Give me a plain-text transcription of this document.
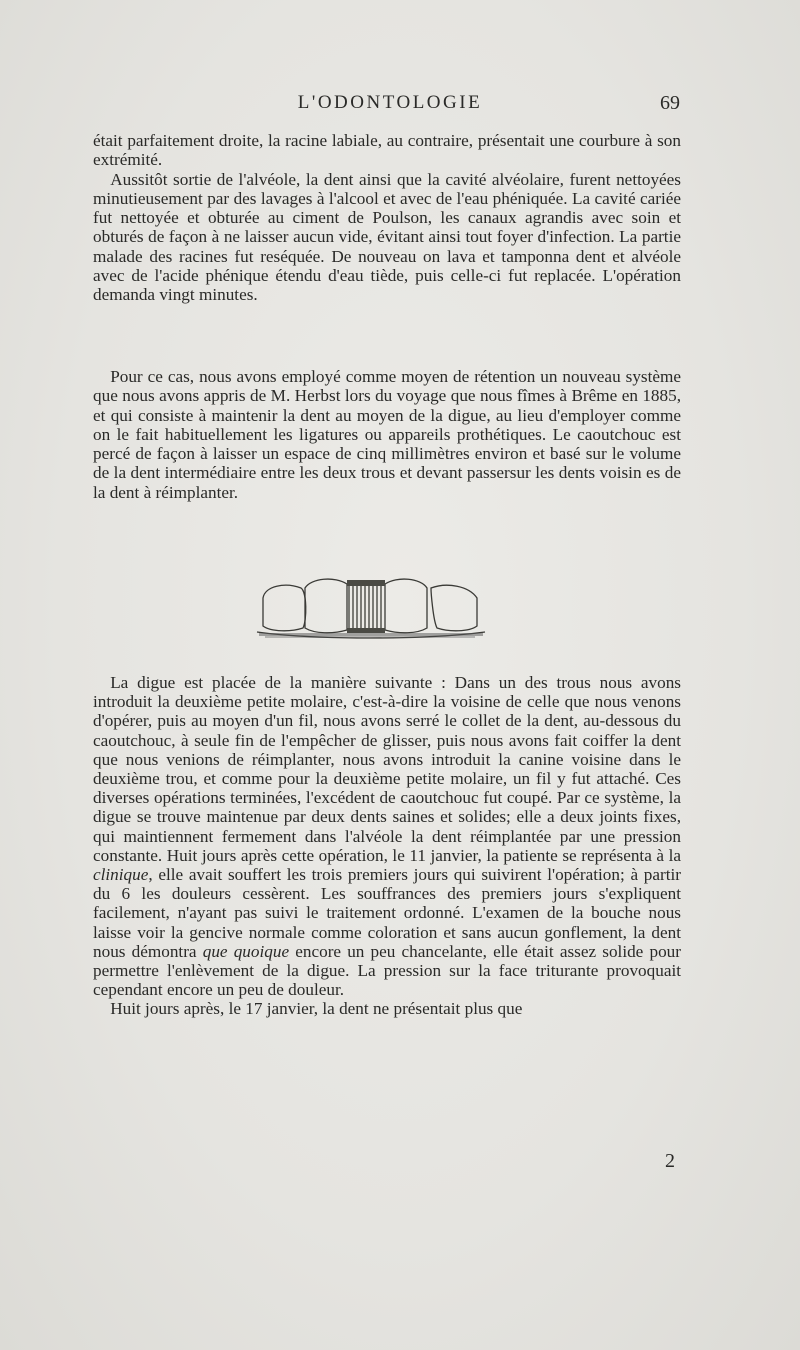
L'ODONTOLOGIE	69

était parfaitement droite, la racine labiale, au contraire, présentait une courbure à son extrémité.

 Aussitôt sortie de l'alvéole, la dent ainsi que la cavité alvéolaire, furent nettoyées minutieusement par des lavages à l'alcool et avec de l'eau phéniquée. La cavité cariée fut nettoyée et obturée au ciment de Poulson, les canaux agrandis avec soin et obturés de façon à ne laisser aucun vide, évitant ainsi tout foyer d'infection. La partie malade des racines fut reséquée. De nouveau on lava et tamponna dent et alvéole avec de l'acide phénique étendu d'eau tiède, puis celle-ci fut replacée. L'opération demanda vingt minutes.

 Pour ce cas, nous avons employé comme moyen de rétention un nouveau système que nous avons appris de M. Herbst lors du voyage que nous fîmes à Brême en 1885, et qui consiste à maintenir la dent au moyen de la digue, au lieu d'employer comme on le fait habituellement les ligatures ou appareils prothétiques. Le caoutchouc est percé de façon à laisser un espace de cinq millimètres environ et basé sur le volume de la dent intermédiaire entre les deux trous et devant passersur les dents voisin es de la dent à réimplanter.

 La digue est placée de la manière suivante : Dans un des trous nous avons introduit la deuxième petite molaire, c'est-à-dire la voisine de celle que nous venons d'opérer, puis au moyen d'un fil, nous avons serré le collet de la dent, au-dessous du caoutchouc, à seule fin de l'empêcher de glisser, puis nous avons fait coiffer la dent que nous venions de réimplanter, nous avons introduit la canine voisine dans le deuxième trou, et comme pour la deuxième petite molaire, un fil y fut attaché. Ces diverses opérations terminées, l'excédent de caoutchouc fut coupé. Par ce système, la digue se trouve maintenue par deux dents saines et solides; elle a deux joints fixes, qui maintiennent fermement dans l'alvéole la dent réimplantée par une pression constante. Huit jours après cette opération, le 11 janvier, la patiente se représenta à la clinique, elle avait souffert les trois premiers jours qui suivirent l'opération; à partir du 6 les douleurs cessèrent. Les souffrances des premiers jours s'expliquent facilement, n'ayant pas suivi le traitement ordonné. L'examen de la bouche nous laisse voir la gencive normale comme coloration et sans aucun gonflement, la dent nous démontra que quoique encore un peu chancelante, elle était assez solide pour permettre l'enlèvement de la digue. La pression sur la face triturante provoquait cependant encore un peu de douleur.

 Huit jours après, le 17 janvier, la dent ne présentait plus que

2
